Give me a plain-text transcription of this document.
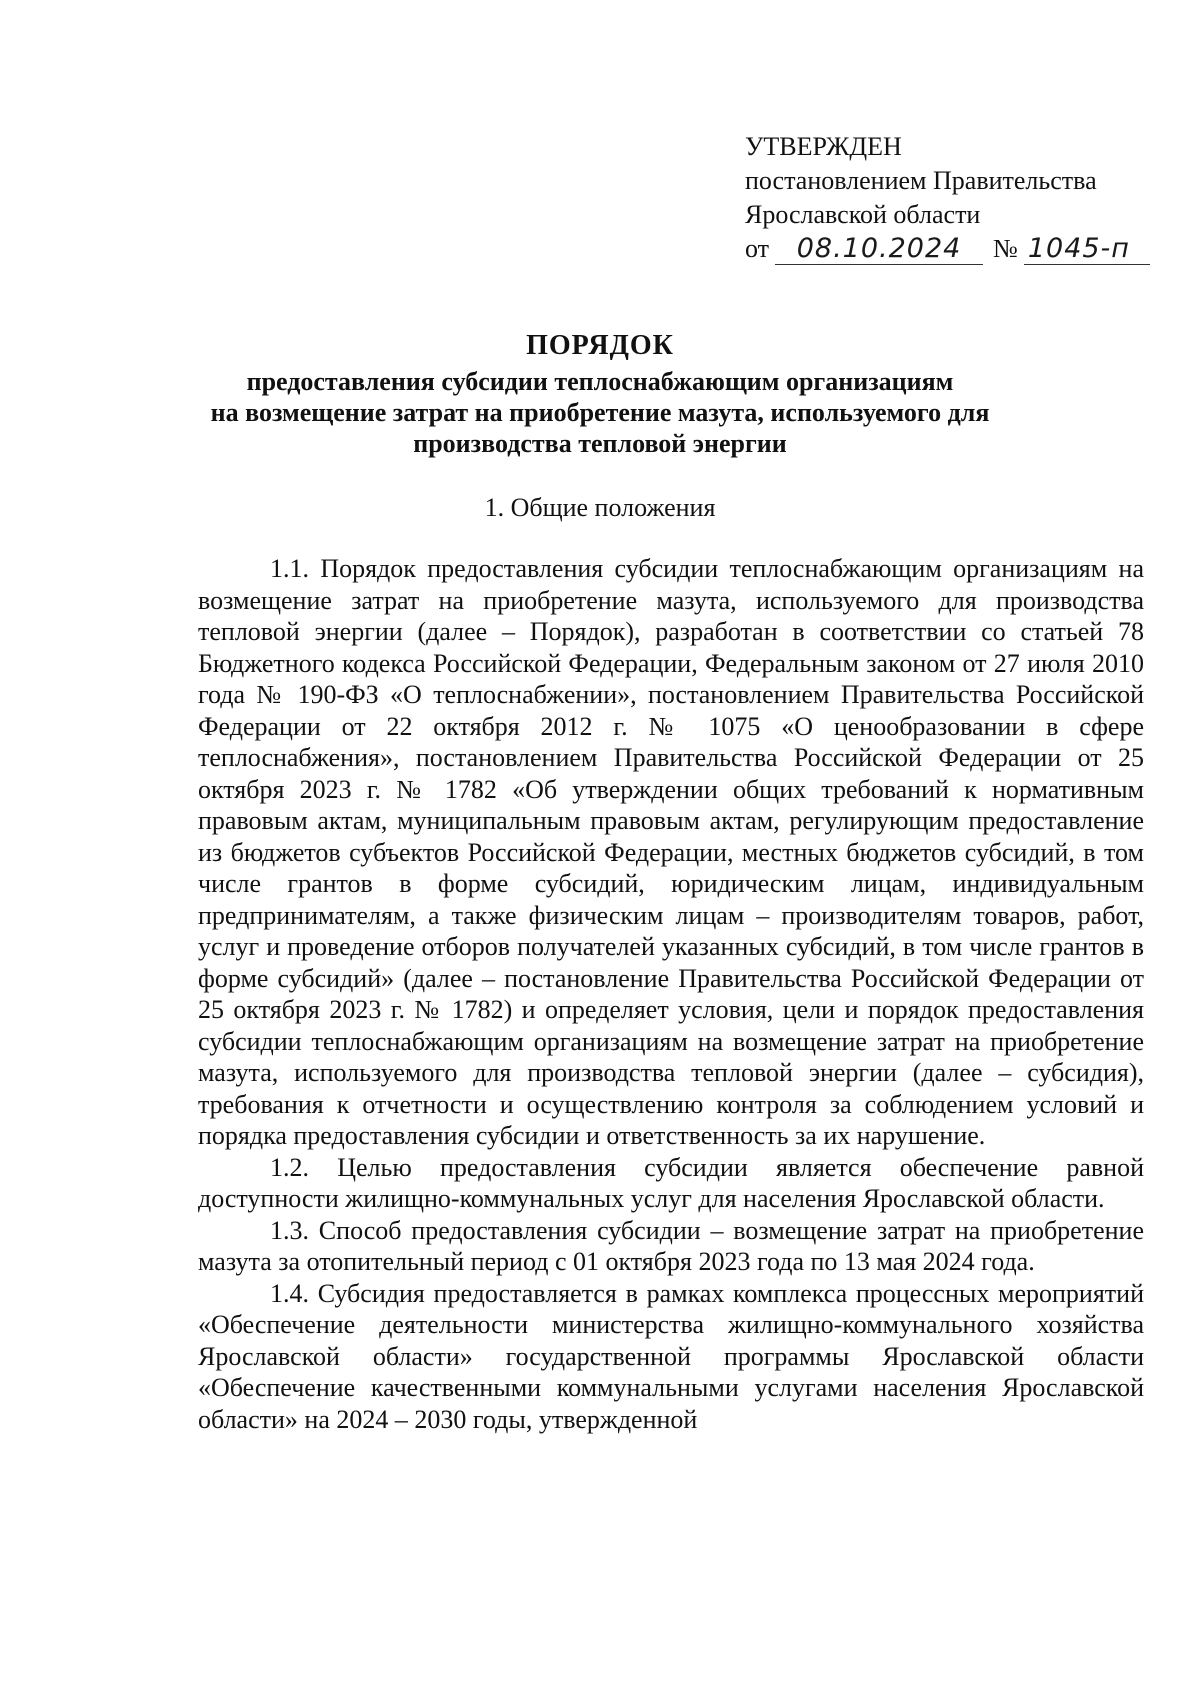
УТВЕРЖДЕН
постановлением Правительства
Ярославской области
от	08.10.2024	№ 1045-п
ПОРЯДОК
предоставления субсидии теплоснабжающим организациям
на возмещение затрат на приобретение мазута, используемого для
производства тепловой энергии
1. Общие положения

1.1. Порядок предоставления субсидии теплоснабжающим организациям на возмещение затрат на приобретение мазута, используемого для производства тепловой энергии (далее – Порядок), разработан в соответствии со статьей 78 Бюджетного кодекса Российской Федерации, Федеральным законом от 27 июля 2010 года № 190-ФЗ «О теплоснабжении», постановлением Правительства Российской Федерации от 22 октября 2012 г. № 1075 «О ценообразовании в сфере теплоснабжения», постановлением Правительства Российской Федерации от 25 октября 2023 г. № 1782 «Об утверждении общих требований к нормативным правовым актам, муниципальным правовым актам, регулирующим предоставление из бюджетов субъектов Российской Федерации, местных бюджетов субсидий, в том числе грантов в форме субсидий, юридическим лицам, индивидуальным предпринимателям, а также физическим лицам – производителям товаров, работ, услуг и проведение отборов получателей указанных субсидий, в том числе грантов в форме субсидий» (далее – постановление Правительства Российской Федерации от 25 октября 2023 г. № 1782) и определяет условия, цели и порядок предоставления субсидии теплоснабжающим организациям на возмещение затрат на приобретение мазута, используемого для производства тепловой энергии (далее – субсидия), требования к отчетности и осуществлению контроля за соблюдением условий и порядка предоставления субсидии и ответственность за их нарушение.

1.2. Целью предоставления субсидии является обеспечение равной доступности жилищно-коммунальных услуг для населения Ярославской области.

1.3. Способ предоставления субсидии – возмещение затрат на приобретение мазута за отопительный период с 01 октября 2023 года по 13 мая 2024 года.

1.4. Субсидия предоставляется в рамках комплекса процессных мероприятий «Обеспечение деятельности министерства жилищно-коммунального хозяйства Ярославской области» государственной программы Ярославской области «Обеспечение качественными коммунальными услугами населения Ярославской области» на 2024 – 2030 годы, утвержденной
